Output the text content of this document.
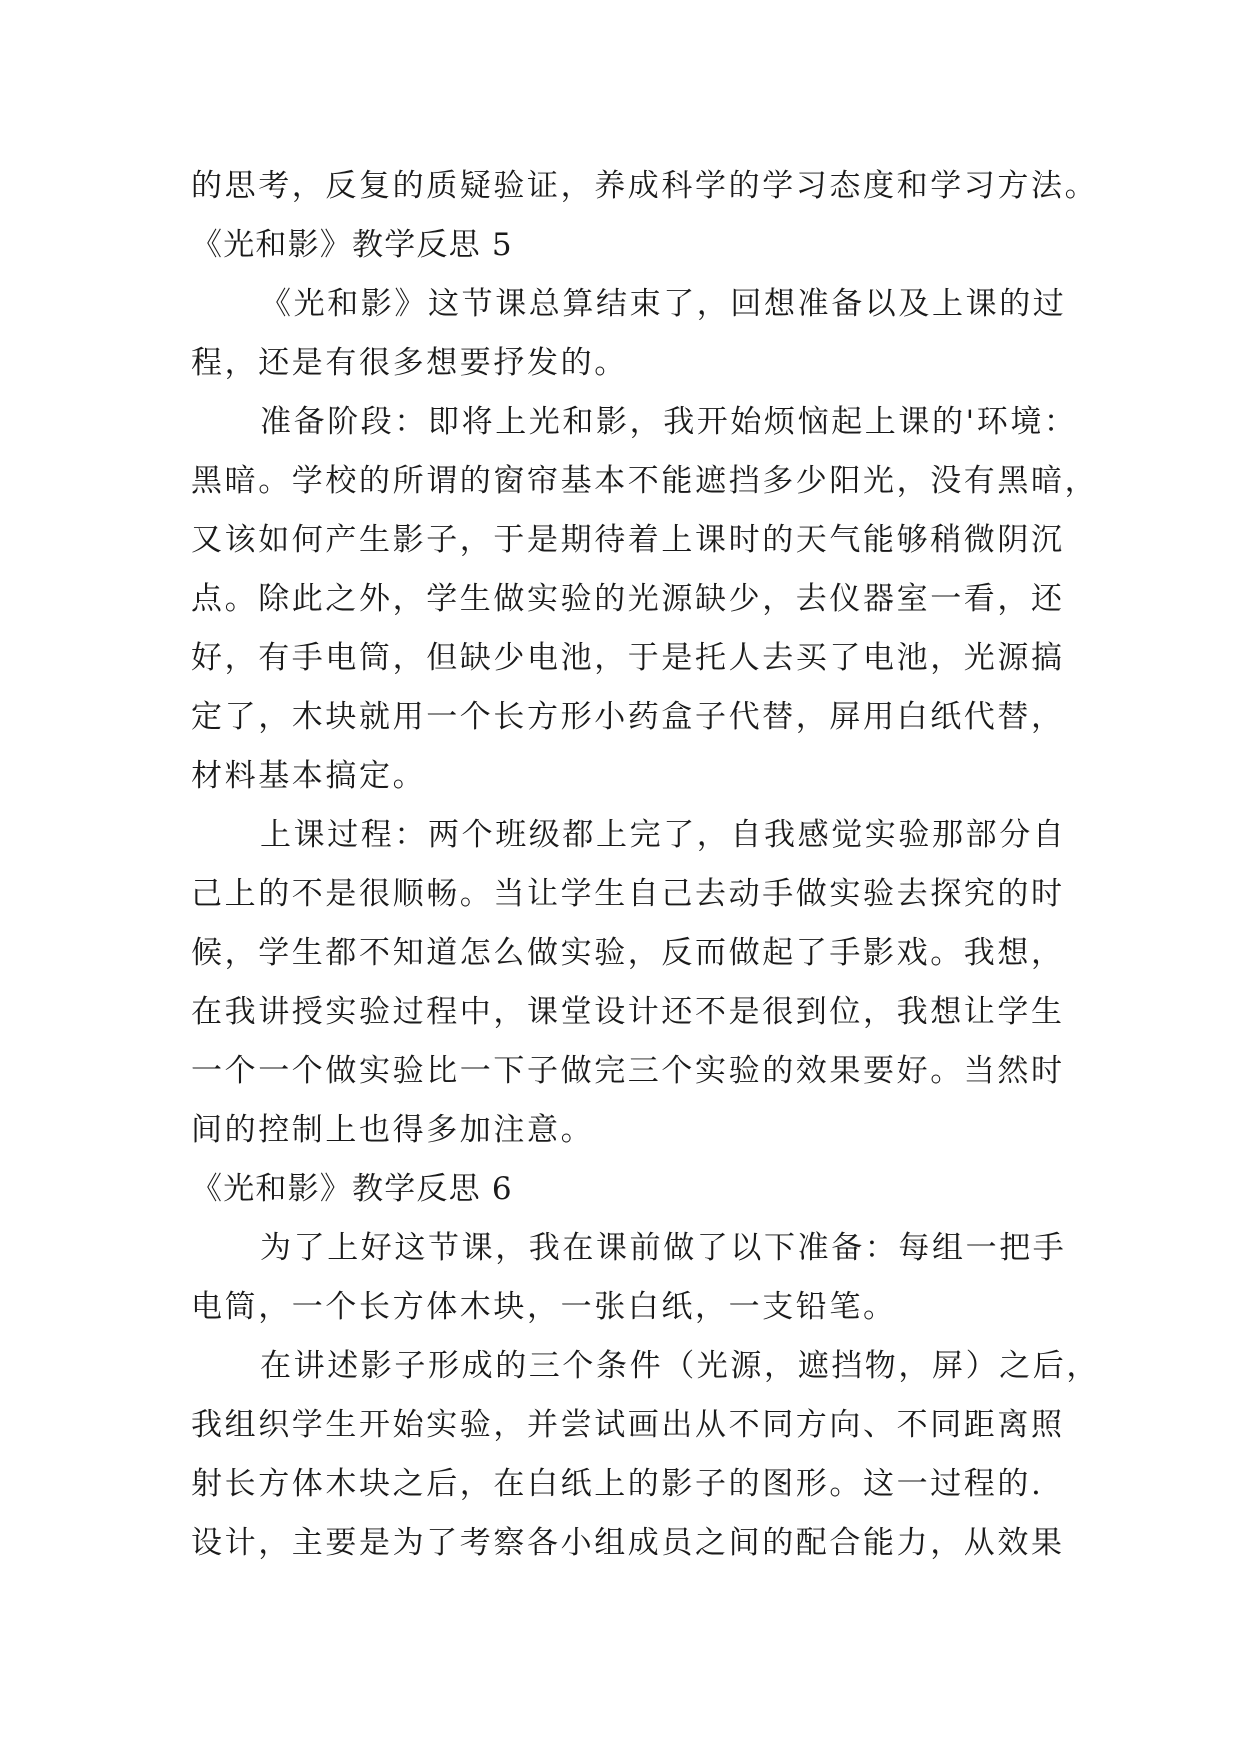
的思考，反复的质疑验证，养成科学的学习态度和学习方法。
《光和影》教学反思 5
《光和影》这节课总算结束了，回想准备以及上课的过
程，还是有很多想要抒发的。
准备阶段：即将上光和影，我开始烦恼起上课的'环境：
黑暗。学校的所谓的窗帘基本不能遮挡多少阳光，没有黑暗，
又该如何产生影子，于是期待着上课时的天气能够稍微阴沉
点。除此之外，学生做实验的光源缺少，去仪器室一看，还
好，有手电筒，但缺少电池，于是托人去买了电池，光源搞
定了，木块就用一个长方形小药盒子代替，屏用白纸代替，
材料基本搞定。
上课过程：两个班级都上完了，自我感觉实验那部分自
己上的不是很顺畅。当让学生自己去动手做实验去探究的时
候，学生都不知道怎么做实验，反而做起了手影戏。我想，
在我讲授实验过程中，课堂设计还不是很到位，我想让学生
一个一个做实验比一下子做完三个实验的效果要好。当然时
间的控制上也得多加注意。
《光和影》教学反思 6
为了上好这节课，我在课前做了以下准备：每组一把手
电筒，一个长方体木块，一张白纸，一支铅笔。
在讲述影子形成的三个条件（光源，遮挡物，屏）之后，
我组织学生开始实验，并尝试画出从不同方向、不同距离照
射长方体木块之后，在白纸上的影子的图形。这一过程的.
设计，主要是为了考察各小组成员之间的配合能力，从效果
